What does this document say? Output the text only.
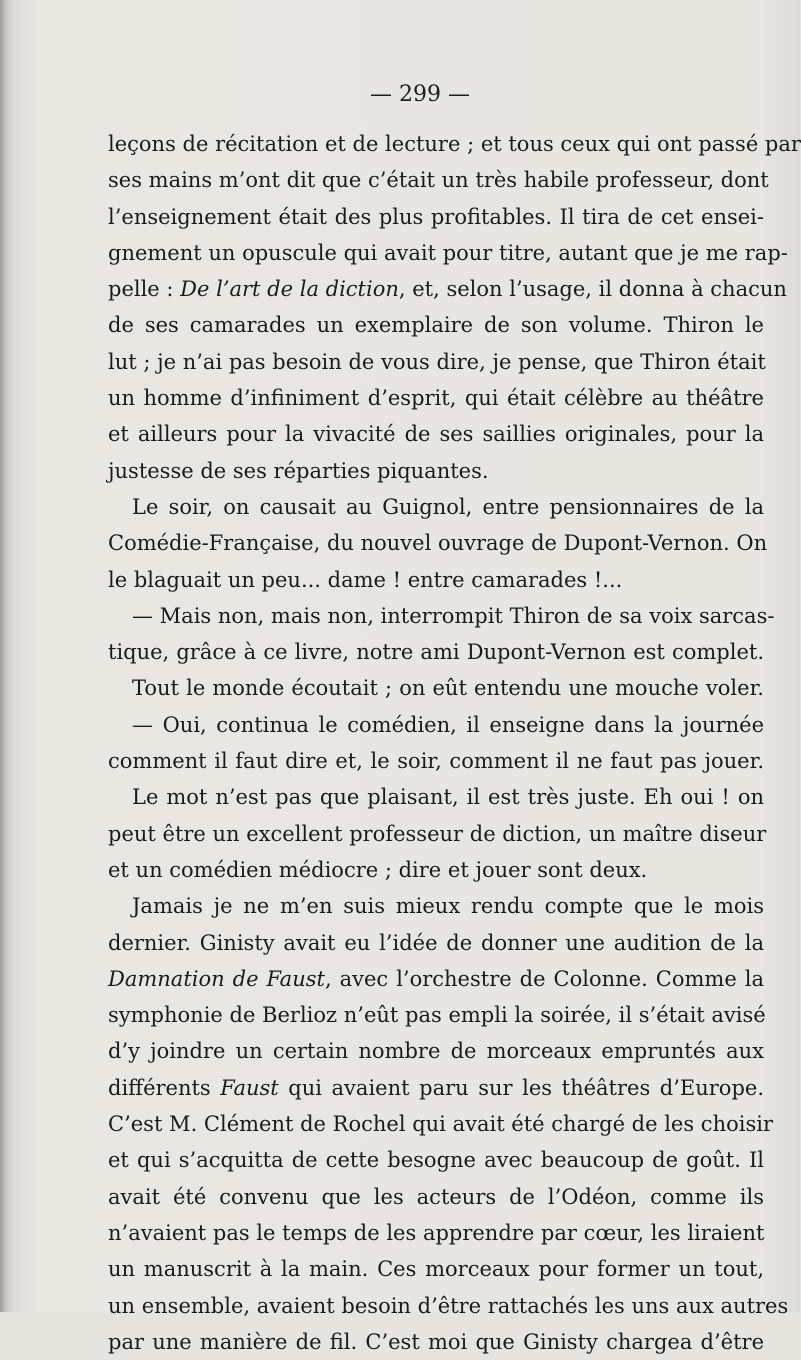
— 299 —

leçons de récitation et de lecture ; et tous ceux qui ont passé par
ses mains m’ont dit que c’était un très habile professeur, dont
l’enseignement était des plus profitables. Il tira de cet ensei-
gnement un opuscule qui avait pour titre, autant que je me rap-
pelle : De l’art de la diction, et, selon l’usage, il donna à chacun
de ses camarades un exemplaire de son volume. Thiron le
lut ; je n’ai pas besoin de vous dire, je pense, que Thiron était
un homme d’infiniment d’esprit, qui était célèbre au théâtre
et ailleurs pour la vivacité de ses saillies originales, pour la
justesse de ses réparties piquantes.
Le soir, on causait au Guignol, entre pensionnaires de la
Comédie-Française, du nouvel ouvrage de Dupont-Vernon. On
le blaguait un peu... dame ! entre camarades !...
— Mais non, mais non, interrompit Thiron de sa voix sarcas-
tique, grâce à ce livre, notre ami Dupont-Vernon est complet.
Tout le monde écoutait ; on eût entendu une mouche voler.
— Oui, continua le comédien, il enseigne dans la journée
comment il faut dire et, le soir, comment il ne faut pas jouer.
Le mot n’est pas que plaisant, il est très juste. Eh oui ! on
peut être un excellent professeur de diction, un maître diseur
et un comédien médiocre ; dire et jouer sont deux.
Jamais je ne m’en suis mieux rendu compte que le mois
dernier. Ginisty avait eu l’idée de donner une audition de la
Damnation de Faust, avec l’orchestre de Colonne. Comme la
symphonie de Berlioz n’eût pas empli la soirée, il s’était avisé
d’y joindre un certain nombre de morceaux empruntés aux
différents Faust qui avaient paru sur les théâtres d’Europe.
C’est M. Clément de Rochel qui avait été chargé de les choisir
et qui s’acquitta de cette besogne avec beaucoup de goût. Il
avait été convenu que les acteurs de l’Odéon, comme ils
n’avaient pas le temps de les apprendre par cœur, les liraient
un manuscrit à la main. Ces morceaux pour former un tout,
un ensemble, avaient besoin d’être rattachés les uns aux autres
par une manière de fil. C’est moi que Ginisty chargea d’être
